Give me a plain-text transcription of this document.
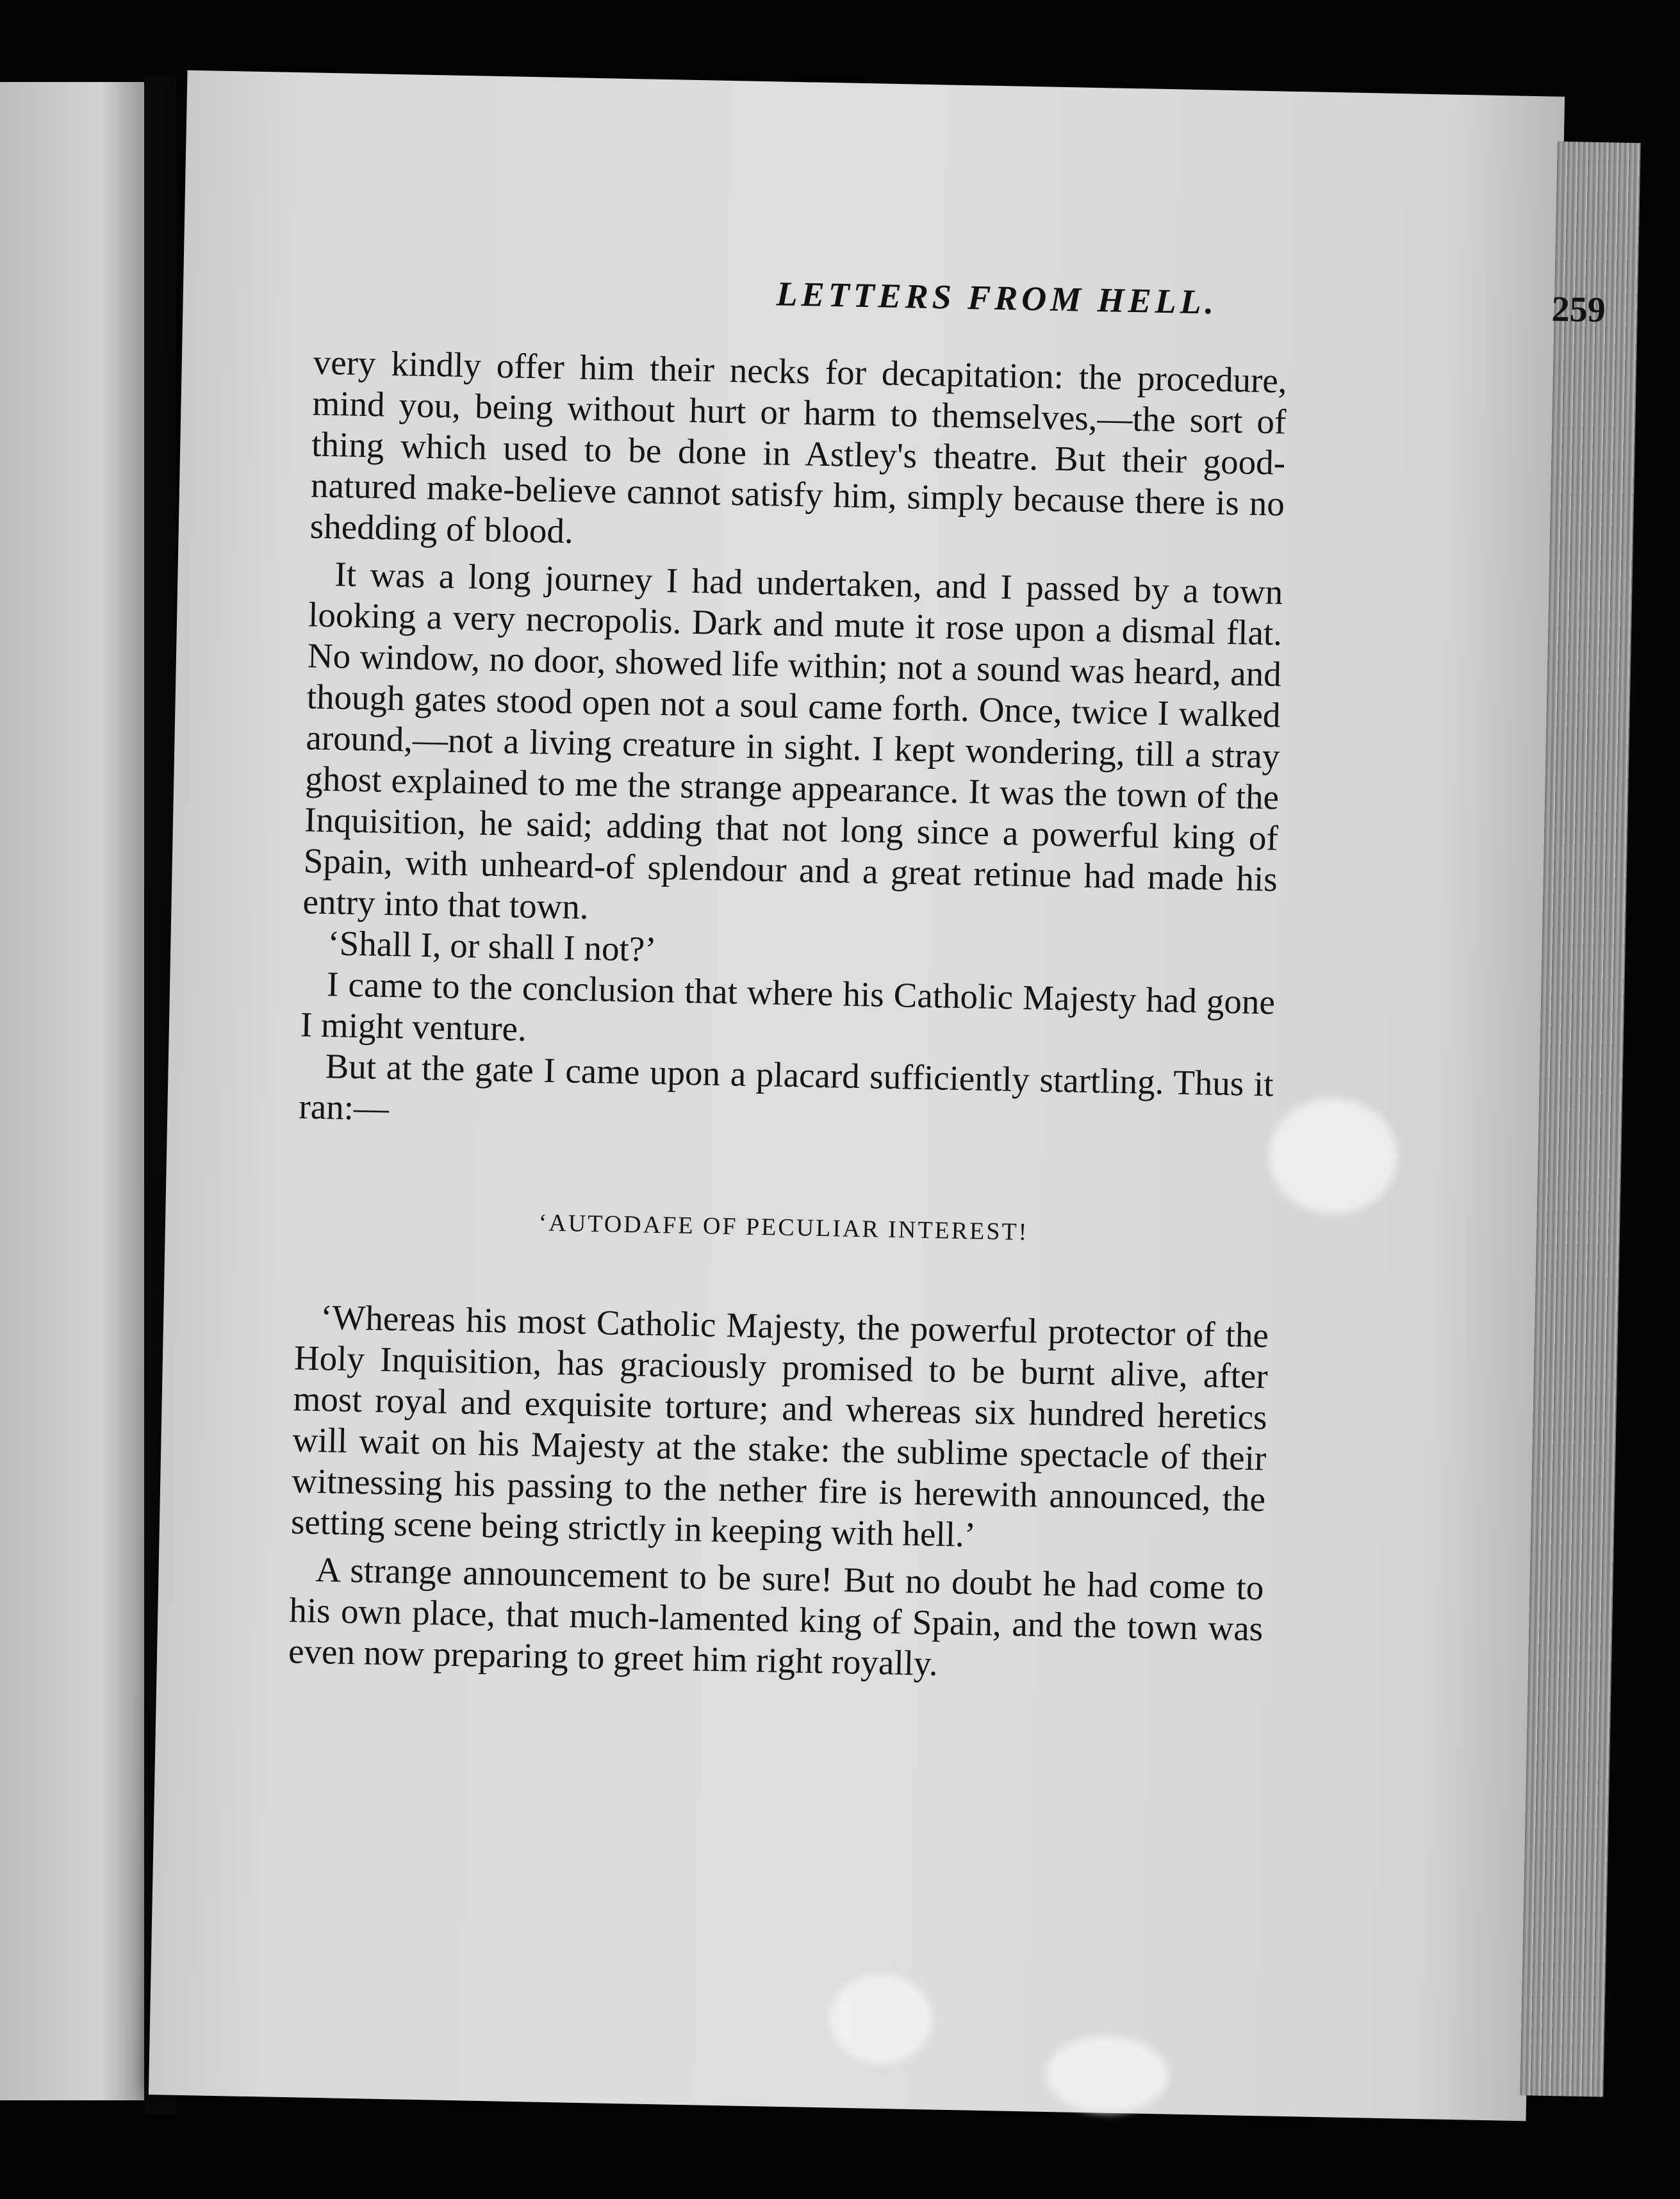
LETTERS FROM HELL.	259

very kindly offer him their necks for decapitation: the procedure, mind you, being without hurt or harm to themselves,—the sort of thing which used to be done in Astley's theatre. But their good-natured make-believe cannot satisfy him, simply because there is no shedding of blood.

It was a long journey I had undertaken, and I passed by a town looking a very necropolis. Dark and mute it rose upon a dismal flat. No window, no door, showed life within; not a sound was heard, and though gates stood open not a soul came forth. Once, twice I walked around,—not a living creature in sight. I kept wondering, till a stray ghost explained to me the strange appearance. It was the town of the Inquisition, he said; adding that not long since a powerful king of Spain, with unheard-of splendour and a great retinue had made his entry into that town.

‘Shall I, or shall I not?’

I came to the conclusion that where his Catholic Majesty had gone I might venture.

But at the gate I came upon a placard sufficiently startling. Thus it ran:—

‘AUTODAFE OF PECULIAR INTEREST!

‘Whereas his most Catholic Majesty, the powerful protector of the Holy Inquisition, has graciously promised to be burnt alive, after most royal and exquisite torture; and whereas six hundred heretics will wait on his Majesty at the stake: the sublime spectacle of their witnessing his passing to the nether fire is herewith announced, the setting scene being strictly in keeping with hell.’

A strange announcement to be sure! But no doubt he had come to his own place, that much-lamented king of Spain, and the town was even now preparing to greet him right royally.
